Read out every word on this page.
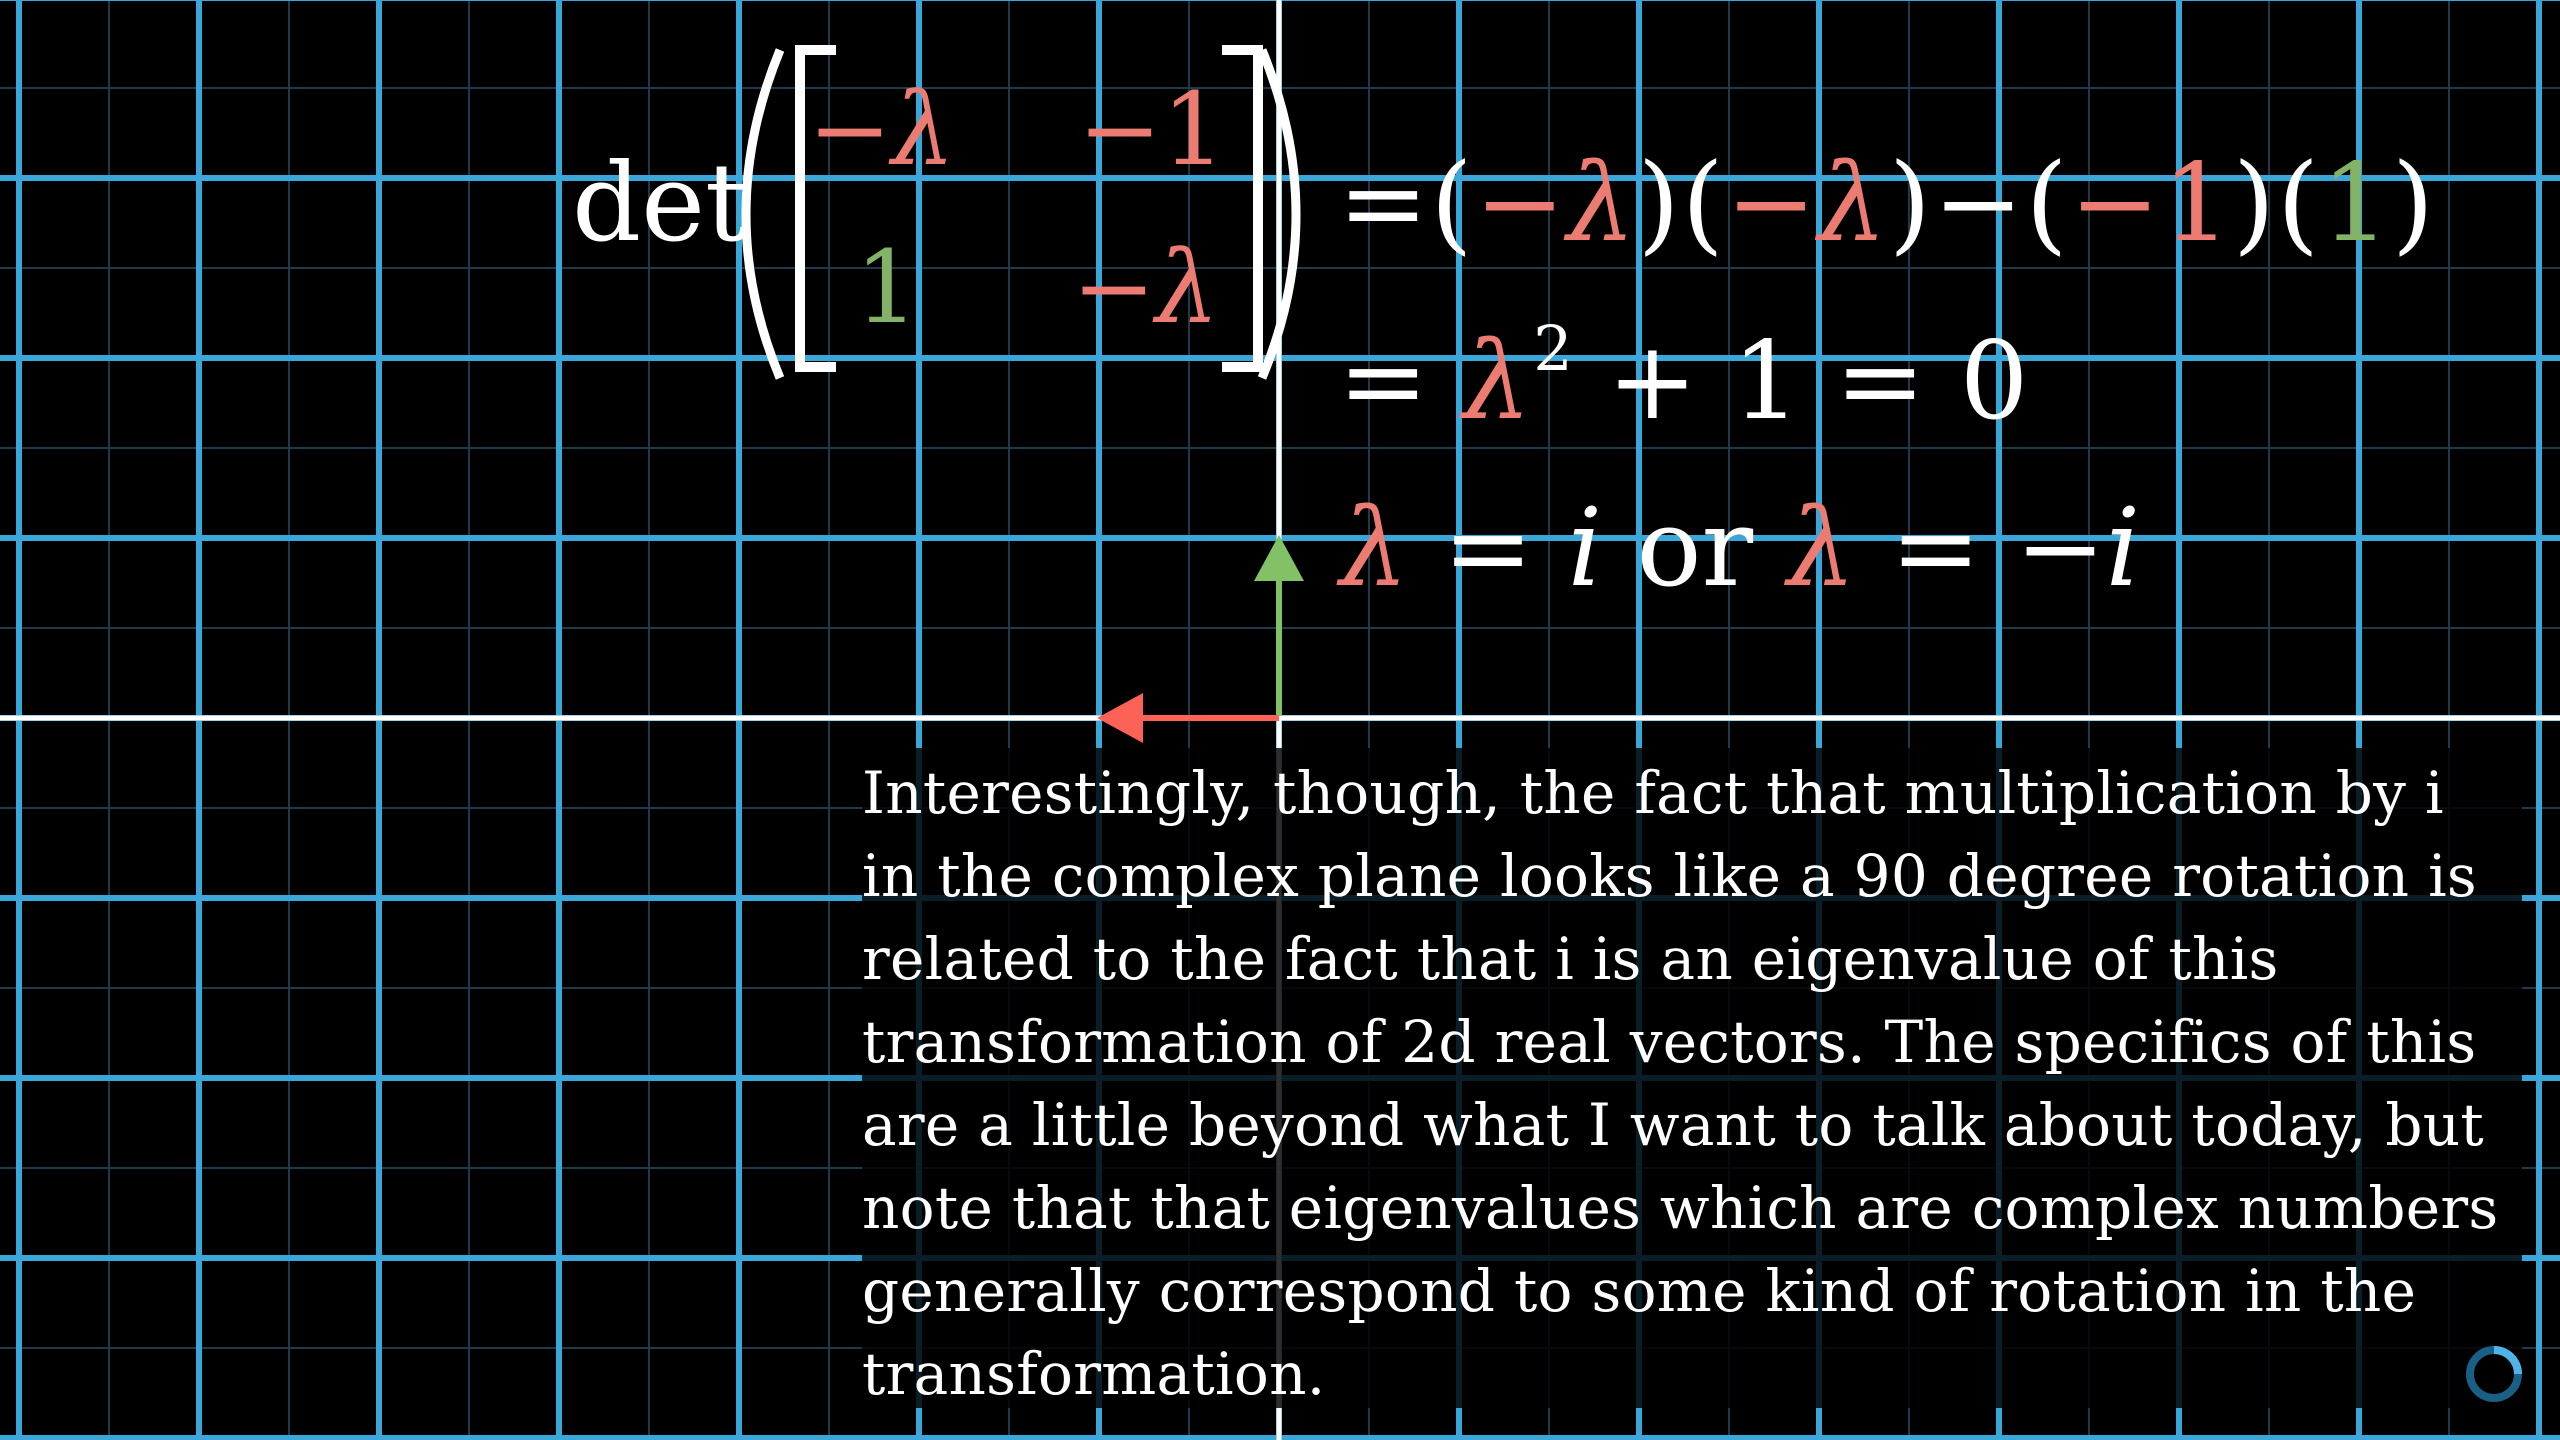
det
−λ −1
1 −λ
=(−λ)(−λ)−(−1)(1)
= $\lambda^2 + 1 = 0$
λ = i or λ = −i
Interestingly, though, the fact that multiplication by i
in the complex plane looks like a 90 degree rotation is
related to the fact that i is an eigenvalue of this
transformation of 2d real vectors. The specifics of this
are a little beyond what I want to talk about today, but
note that that eigenvalues which are complex numbers
generally correspond to some kind of rotation in the
transformation.
